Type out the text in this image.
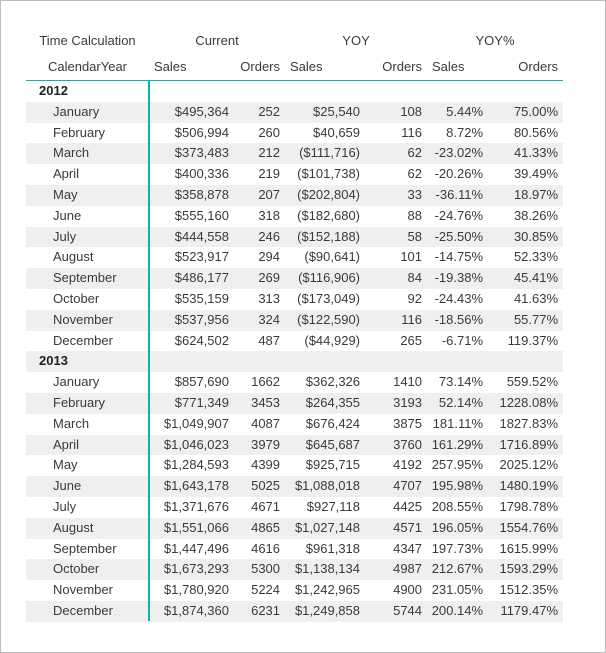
Time Calculation	Current		YOY		YOY%	
CalendarYear	Sales	Orders	Sales	Orders	Sales	Orders
2012						
January	$495,364	252	$25,540	108	5.44%	75.00%
February	$506,994	260	$40,659	116	8.72%	80.56%
March	$373,483	212	($111,716)	62	-23.02%	41.33%
April	$400,336	219	($101,738)	62	-20.26%	39.49%
May	$358,878	207	($202,804)	33	-36.11%	18.97%
June	$555,160	318	($182,680)	88	-24.76%	38.26%
July	$444,558	246	($152,188)	58	-25.50%	30.85%
August	$523,917	294	($90,641)	101	-14.75%	52.33%
September	$486,177	269	($116,906)	84	-19.38%	45.41%
October	$535,159	313	($173,049)	92	-24.43%	41.63%
November	$537,956	324	($122,590)	116	-18.56%	55.77%
December	$624,502	487	($44,929)	265	-6.71%	119.37%
2013						
January	$857,690	1662	$362,326	1410	73.14%	559.52%
February	$771,349	3453	$264,355	3193	52.14%	1228.08%
March	$1,049,907	4087	$676,424	3875	181.11%	1827.83%
April	$1,046,023	3979	$645,687	3760	161.29%	1716.89%
May	$1,284,593	4399	$925,715	4192	257.95%	2025.12%
June	$1,643,178	5025	$1,088,018	4707	195.98%	1480.19%
July	$1,371,676	4671	$927,118	4425	208.55%	1798.78%
August	$1,551,066	4865	$1,027,148	4571	196.05%	1554.76%
September	$1,447,496	4616	$961,318	4347	197.73%	1615.99%
October	$1,673,293	5300	$1,138,134	4987	212.67%	1593.29%
November	$1,780,920	5224	$1,242,965	4900	231.05%	1512.35%
December	$1,874,360	6231	$1,249,858	5744	200.14%	1179.47%
